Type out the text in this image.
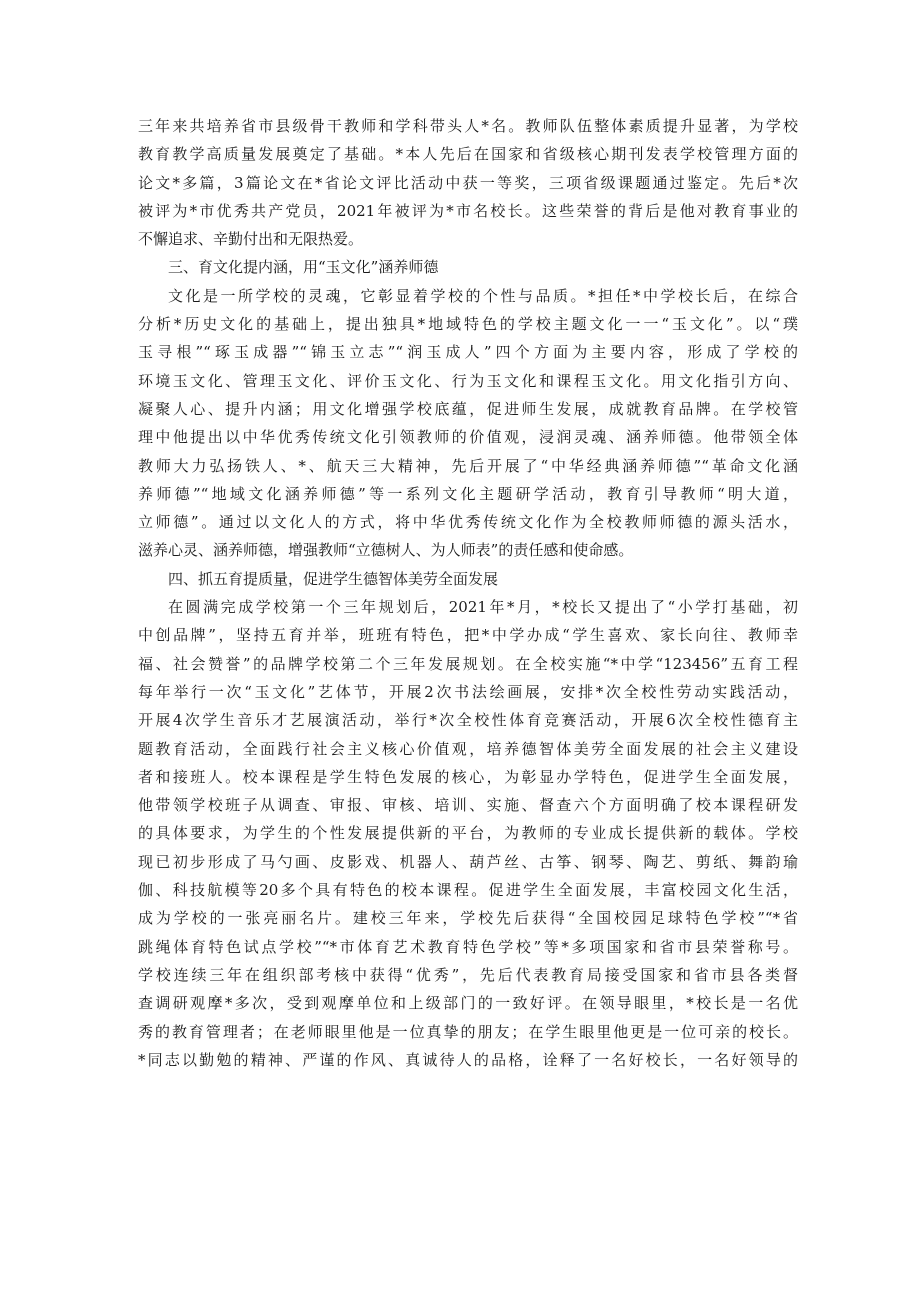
三年来共培养省市县级骨干教师和学科带头人*名。教师队伍整体素质提升显著，为学校
教育教学高质量发展奠定了基础。*本人先后在国家和省级核心期刊发表学校管理方面的
论文*多篇，3篇论文在*省论文评比活动中获一等奖，三项省级课题通过鉴定。先后*次
被评为*市优秀共产党员，2021年被评为*市名校长。这些荣誉的背后是他对教育事业的
不懈追求、辛勤付出和无限热爱。
三、育文化提内涵，用“玉文化”涵养师德
文化是一所学校的灵魂，它彰显着学校的个性与品质。*担任*中学校长后，在综合
分析*历史文化的基础上，提出独具*地域特色的学校主题文化一一“玉文化”。以“璞
玉寻根”“琢玉成器”“锦玉立志”“润玉成人”四个方面为主要内容，形成了学校的
环境玉文化、管理玉文化、评价玉文化、行为玉文化和课程玉文化。用文化指引方向、
凝聚人心、提升内涵；用文化增强学校底蕴，促进师生发展，成就教育品牌。在学校管
理中他提出以中华优秀传统文化引领教师的价值观，浸润灵魂、涵养师德。他带领全体
教师大力弘扬铁人、*、航天三大精神，先后开展了“中华经典涵养师德”“革命文化涵
养师德”“地域文化涵养师德”等一系列文化主题研学活动，教育引导教师“明大道，
立师德”。通过以文化人的方式，将中华优秀传统文化作为全校教师师德的源头活水，
滋养心灵、涵养师德，增强教师“立德树人、为人师表”的责任感和使命感。
四、抓五育提质量，促进学生德智体美劳全面发展
在圆满完成学校第一个三年规划后，2021年*月，*校长又提出了“小学打基础，初
中创品牌”，坚持五育并举，班班有特色，把*中学办成“学生喜欢、家长向往、教师幸
福、社会赞誉”的品牌学校第二个三年发展规划。在全校实施“*中学“123456”五育工程
每年举行一次“玉文化”艺体节，开展2次书法绘画展，安排*次全校性劳动实践活动，
开展4次学生音乐才艺展演活动，举行*次全校性体育竞赛活动，开展6次全校性德育主
题教育活动，全面践行社会主义核心价值观，培养德智体美劳全面发展的社会主义建设
者和接班人。校本课程是学生特色发展的核心，为彰显办学特色，促进学生全面发展，
他带领学校班子从调查、审报、审核、培训、实施、督查六个方面明确了校本课程研发
的具体要求，为学生的个性发展提供新的平台，为教师的专业成长提供新的载体。学校
现已初步形成了马勺画、皮影戏、机器人、葫芦丝、古筝、钢琴、陶艺、剪纸、舞韵瑜
伽、科技航模等20多个具有特色的校本课程。促进学生全面发展，丰富校园文化生活，
成为学校的一张亮丽名片。建校三年来，学校先后获得“全国校园足球特色学校”“*省
跳绳体育特色试点学校”“*市体育艺术教育特色学校”等*多项国家和省市县荣誉称号。
学校连续三年在组织部考核中获得“优秀”，先后代表教育局接受国家和省市县各类督
查调研观摩*多次，受到观摩单位和上级部门的一致好评。在领导眼里，*校长是一名优
秀的教育管理者；在老师眼里他是一位真挚的朋友；在学生眼里他更是一位可亲的校长。
*同志以勤勉的精神、严谨的作风、真诚待人的品格，诠释了一名好校长，一名好领导的
